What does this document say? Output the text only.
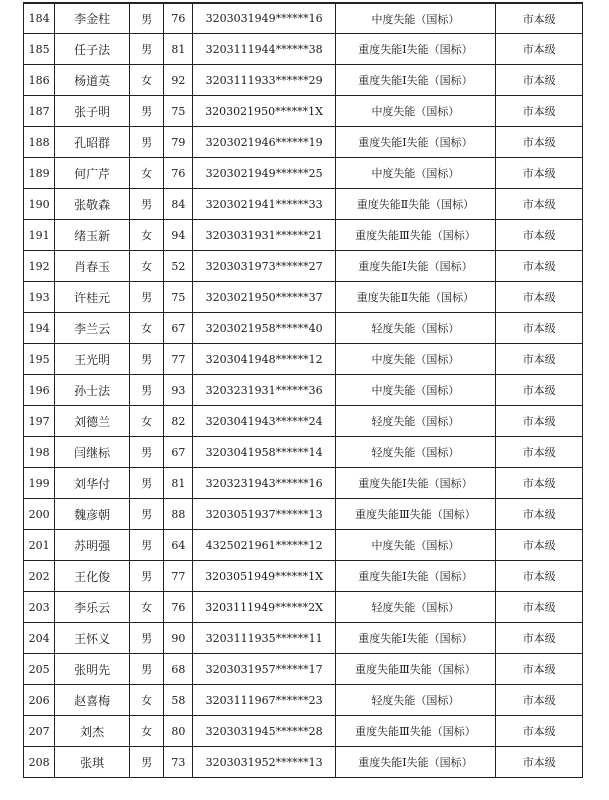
184	李金柱	男	76	3203031949******16	中度失能（国标）	市本级
185	任子法	男	81	3203111944******38	重度失能Ⅰ失能（国标）	市本级
186	杨道英	女	92	3203111933******29	重度失能Ⅰ失能（国标）	市本级
187	张子明	男	75	3203021950******1X	中度失能（国标）	市本级
188	孔昭群	男	79	3203021946******19	重度失能Ⅰ失能（国标）	市本级
189	何广芹	女	76	3203021949******25	中度失能（国标）	市本级
190	张敬森	男	84	3203021941******33	重度失能Ⅱ失能（国标）	市本级
191	绪玉新	女	94	3203031931******21	重度失能Ⅲ失能（国标）	市本级
192	肖春玉	女	52	3203031973******27	重度失能Ⅰ失能（国标）	市本级
193	许桂元	男	75	3203021950******37	重度失能Ⅱ失能（国标）	市本级
194	李兰云	女	67	3203021958******40	轻度失能（国标）	市本级
195	王光明	男	77	3203041948******12	中度失能（国标）	市本级
196	孙士法	男	93	3203231931******36	中度失能（国标）	市本级
197	刘德兰	女	82	3203041943******24	轻度失能（国标）	市本级
198	闫继标	男	67	3203041958******14	轻度失能（国标）	市本级
199	刘华付	男	81	3203231943******16	重度失能Ⅰ失能（国标）	市本级
200	魏彦朝	男	88	3203051937******13	重度失能Ⅲ失能（国标）	市本级
201	苏明强	男	64	4325021961******12	中度失能（国标）	市本级
202	王化俊	男	77	3203051949******1X	重度失能Ⅰ失能（国标）	市本级
203	李乐云	女	76	3203111949******2X	轻度失能（国标）	市本级
204	王怀义	男	90	3203111935******11	重度失能Ⅰ失能（国标）	市本级
205	张明先	男	68	3203031957******17	重度失能Ⅲ失能（国标）	市本级
206	赵喜梅	女	58	3203111967******23	轻度失能（国标）	市本级
207	刘杰	女	80	3203031945******28	重度失能Ⅲ失能（国标）	市本级
208	张琪	男	73	3203031952******13	重度失能Ⅰ失能（国标）	市本级
